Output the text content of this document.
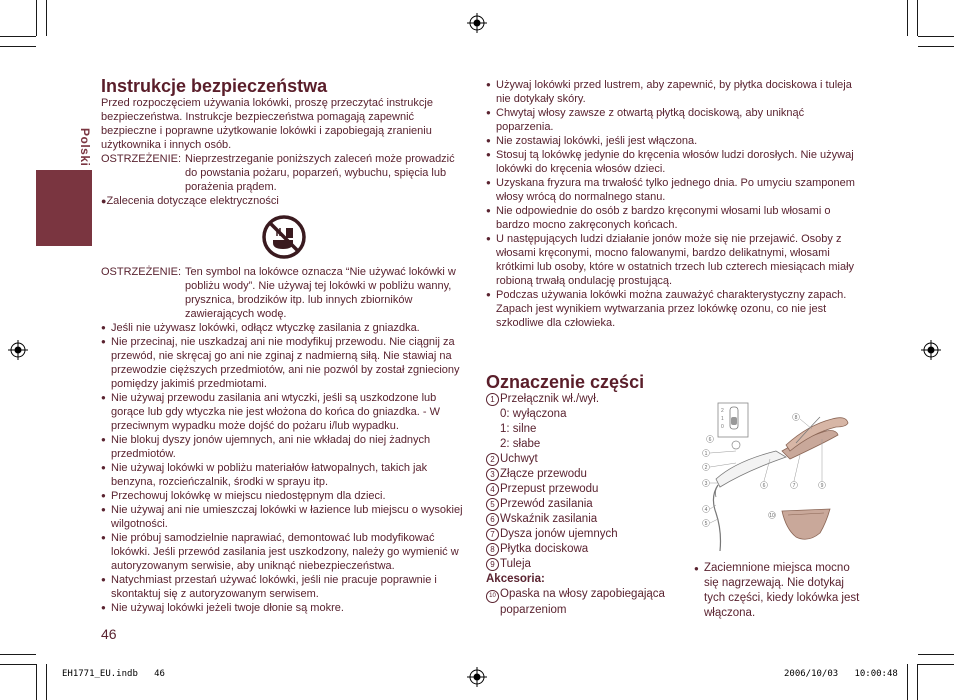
Polski
Instrukcje bezpieczeństwa
Przed rozpoczęciem używania lokówki, proszę przeczytać instrukcje
bezpieczeństwa. Instrukcje bezpieczeństwa pomagają zapewnić
bezpieczne i poprawne użytkowanie lokówki i zapobiegają zranieniu
użytkownika i innych osób.
OSTRZEŻENIE: Nieprzestrzeganie poniższych zaleceń może prowadzić do powstania pożaru, poparzeń, wybuchu, spięcia lub porażenia prądem.
●Zalecenia dotyczące elektryczności
OSTRZEŻENIE: Ten symbol na lokówce oznacza “Nie używać lokówki w pobliżu wody”. Nie używaj tej lokówki w pobliżu wanny, prysznica, brodzików itp. lub innych zbiorników zawierających wodę.
● Jeśli nie używasz lokówki, odłącz wtyczkę zasilania z gniazdka.
● Nie przecinaj, nie uszkadzaj ani nie modyfikuj przewodu. Nie ciągnij za przewód, nie skręcaj go ani nie zginaj z nadmierną siłą. Nie stawiaj na przewodzie cięższych przedmiotów, ani nie pozwól by został zgnieciony pomiędzy jakimiś przedmiotami.
● Nie używaj przewodu zasilania ani wtyczki, jeśli są uszkodzone lub gorące lub gdy wtyczka nie jest włożona do końca do gniazdka. - W przeciwnym wypadku może dojść do pożaru i/lub wypadku.
● Nie blokuj dyszy jonów ujemnych, ani nie wkładaj do niej żadnych przedmiotów.
● Nie używaj lokówki w pobliżu materiałów łatwopalnych, takich jak benzyna, rozcieńczalnik, środki w sprayu itp.
● Przechowuj lokówkę w miejscu niedostępnym dla dzieci.
● Nie używaj ani nie umieszczaj lokówki w łazience lub miejscu o wysokiej wilgotności.
● Nie próbuj samodzielnie naprawiać, demontować lub modyfikować lokówki. Jeśli przewód zasilania jest uszkodzony, należy go wymienić w autoryzowanym serwisie, aby uniknąć niebezpieczeństwa.
● Natychmiast przestań używać lokówki, jeśli nie pracuje poprawnie i skontaktuj się z autoryzowanym serwisem.
● Nie używaj lokówki jeżeli twoje dłonie są mokre.
46
● Używaj lokówki przed lustrem, aby zapewnić, by płytka dociskowa i tuleja nie dotykały skóry.
● Chwytaj włosy zawsze z otwartą płytką dociskową, aby uniknąć poparzenia.
● Nie zostawiaj lokówki, jeśli jest włączona.
● Stosuj tą lokówkę jedynie do kręcenia włosów ludzi dorosłych. Nie używaj lokówki do kręcenia włosów dzieci.
● Uzyskana fryzura ma trwałość tylko jednego dnia. Po umyciu szamponem włosy wrócą do normalnego stanu.
● Nie odpowiednie do osób z bardzo kręconymi włosami lub włosami o bardzo mocno zakręconych końcach.
● U następujących ludzi działanie jonów może się nie przejawić. Osoby z włosami kręconymi, mocno falowanymi, bardzo delikatnymi, włosami krótkimi lub osoby, które w ostatnich trzech lub czterech miesiącach miały robioną trwałą ondulację prostującą.
● Podczas używania lokówki można zauważyć charakterystyczny zapach. Zapach jest wynikiem wytwarzania przez lokówkę ozonu, co nie jest szkodliwe dla człowieka.
Oznaczenie części
1 Przełącznik wł./wył.
0: wyłączona
1: silne
2: słabe
2 Uchwyt
3 Złącze przewodu
4 Przepust przewodu
5 Przewód zasilania
6 Wskaźnik zasilania
7 Dysza jonów ujemnych
8 Płytka dociskowa
9 Tuleja
Akcesoria:
10 Opaska na włosy zapobiegająca
poparzeniom
2
1
0
1
2
3
4
5
6
8
6	7	9
10
● Zaciemnione miejsca mocno się nagrzewają. Nie dotykaj tych części, kiedy lokówka jest włączona.
EH1771_EU.indb   46	2006/10/03   10:00:48
